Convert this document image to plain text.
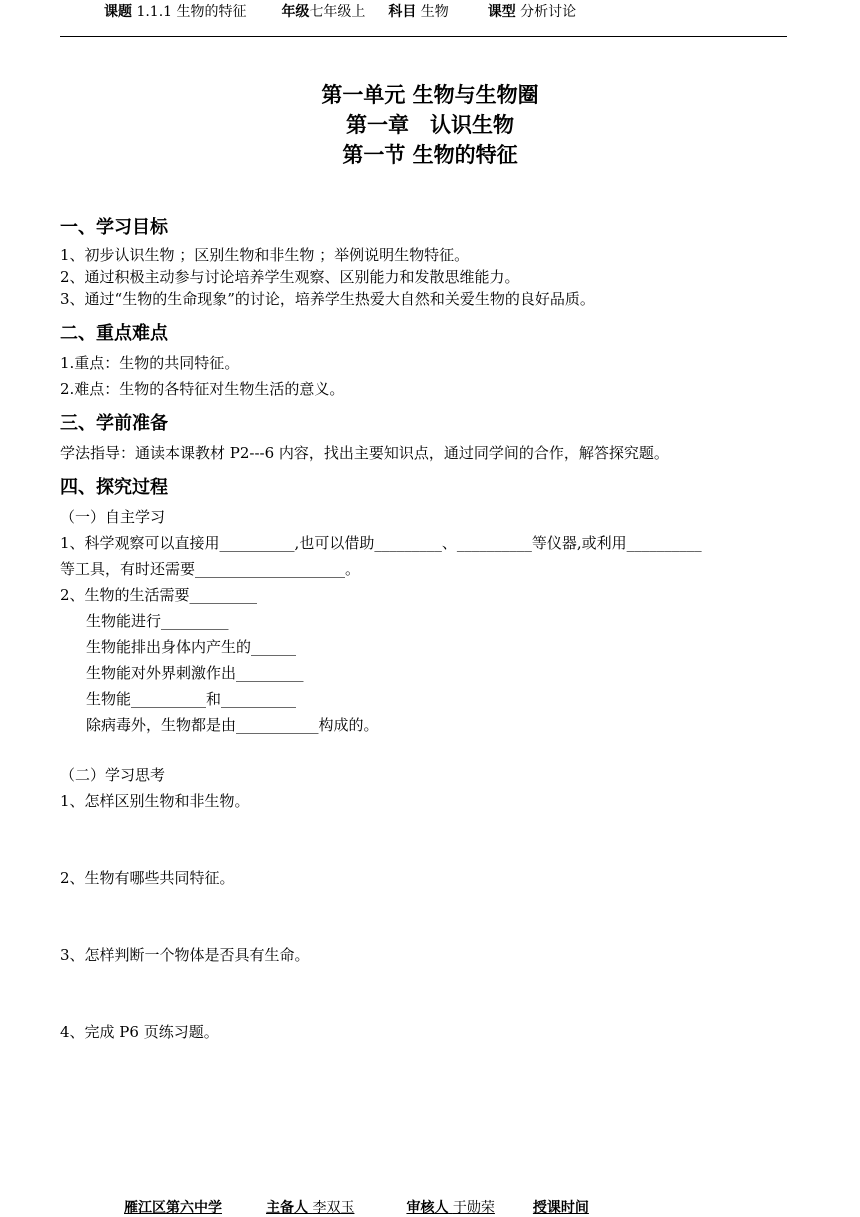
课题 1.1.1 生物的特征 年级七年级上 科目 生物	课型 分析讨论
第一单元 生物与生物圈
第一章　认识生物
第一节 生物的特征
一、学习目标
1、初步认识生物 ；区别生物和非生物 ；举例说明生物特征。
2、通过积极主动参与讨论培养学生观察、区别能力和发散思维能力。
3、通过“生物的生命现象”的讨论，培养学生热爱大自然和关爱生物的良好品质。
二、重点难点
1.重点：生物的共同特征。
2.难点：生物的各特征对生物生活的意义。
三、学前准备
学法指导：通读本课教材 P2---6 内容，找出主要知识点，通过同学间的合作，解答探究题。
四、探究过程
（一）自主学习
1、科学观察可以直接用__________,也可以借助_________、__________等仪器,或利用__________
等工具，有时还需要____________________。
2、生物的生活需要_________
生物能进行_________
生物能排出身体内产生的______
生物能对外界刺激作出_________
生物能__________和__________
除病毒外，生物都是由___________构成的。
（二）学习思考
1、怎样区别生物和非生物。
2、生物有哪些共同特征。
3、怎样判断一个物体是否具有生命。
4、完成 P6 页练习题。
雁江区第六中学	主备人 李双玉	审核人 于勋荣	授课时间
